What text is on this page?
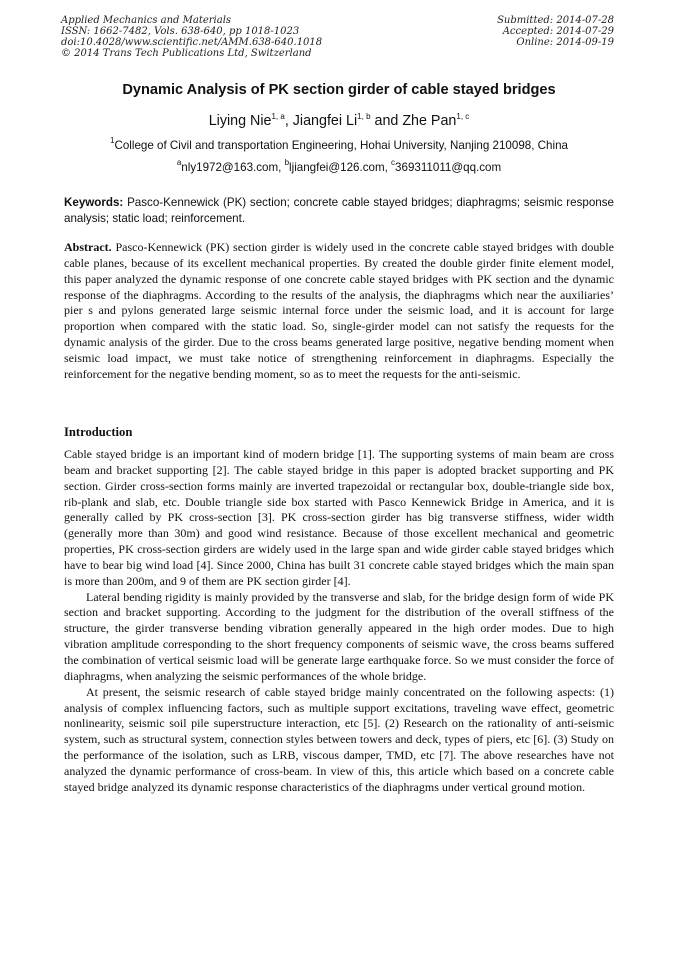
Applied Mechanics and Materials
ISSN: 1662-7482, Vols. 638-640, pp 1018-1023
doi:10.4028/www.scientific.net/AMM.638-640.1018
© 2014 Trans Tech Publications Ltd, Switzerland
Submitted: 2014-07-28
Accepted: 2014-07-29
Online: 2014-09-19
Dynamic Analysis of PK section girder of cable stayed bridges
Liying Nie$^{1, a}$, Jiangfei Li$^{1, b}$ and Zhe Pan$^{1, c}$
$^1$College of Civil and transportation Engineering, Hohai University, Nanjing 210098, China
$^a$nly1972@163.com, $^b$ljiangfei@126.com, $^c$369311011@qq.com
Keywords: Pasco-Kennewick (PK) section; concrete cable stayed bridges; diaphragms; seismic response analysis; static load; reinforcement.
Abstract. Pasco-Kennewick (PK) section girder is widely used in the concrete cable stayed bridges with double cable planes, because of its excellent mechanical properties. By created the double girder finite element model, this paper analyzed the dynamic response of one concrete cable stayed bridges with PK section and the dynamic response of the diaphragms. According to the results of the analysis, the diaphragms which near the auxiliaries’ pier s and pylons generated large seismic internal force under the seismic load, and it is account for large proportion when compared with the static load. So, single-girder model can not satisfy the requests for the dynamic analysis of the girder. Due to the cross beams generated large positive, negative bending moment when seismic load impact, we must take notice of strengthening reinforcement in diaphragms. Especially the reinforcement for the negative bending moment, so as to meet the requests for the anti-seismic.
Introduction

Cable stayed bridge is an important kind of modern bridge [1]. The supporting systems of main beam are cross beam and bracket supporting [2]. The cable stayed bridge in this paper is adopted bracket supporting and PK section. Girder cross-section forms mainly are inverted trapezoidal or rectangular box, double-triangle side box, rib-plank and slab, etc. Double triangle side box started with Pasco Kennewick Bridge in America, and it is generally called by PK cross-section [3]. PK cross-section girder has big transverse stiffness, wider width (generally more than 30m) and good wind resistance. Because of those excellent mechanical and geometric properties, PK cross-section girders are widely used in the large span and wide girder cable stayed bridges which have to bear big wind load [4]. Since 2000, China has built 31 concrete cable stayed bridges which the main span is more than 200m, and 9 of them are PK section girder [4].

Lateral bending rigidity is mainly provided by the transverse and slab, for the bridge design form of wide PK section and bracket supporting. According to the judgment for the distribution of the overall stiffness of the structure, the girder transverse bending vibration generally appeared in the high order modes. Due to high vibration amplitude corresponding to the short frequency components of seismic wave, the cross beams suffered the combination of vertical seismic load will be generate large earthquake force. So we must consider the force of diaphragms, when analyzing the seismic performances of the whole bridge.

At present, the seismic research of cable stayed bridge mainly concentrated on the following aspects: (1) analysis of complex influencing factors, such as multiple support excitations, traveling wave effect, geometric nonlinearity, seismic soil pile superstructure interaction, etc [5]. (2) Research on the rationality of anti-seismic system, such as structural system, connection styles between towers and deck, types of piers, etc [6]. (3) Study on the performance of the isolation, such as LRB, viscous damper, TMD, etc [7]. The above researches have not analyzed the dynamic performance of cross-beam. In view of this, this article which based on a concrete cable stayed bridge analyzed its dynamic response characteristics of the diaphragms under vertical ground motion.
